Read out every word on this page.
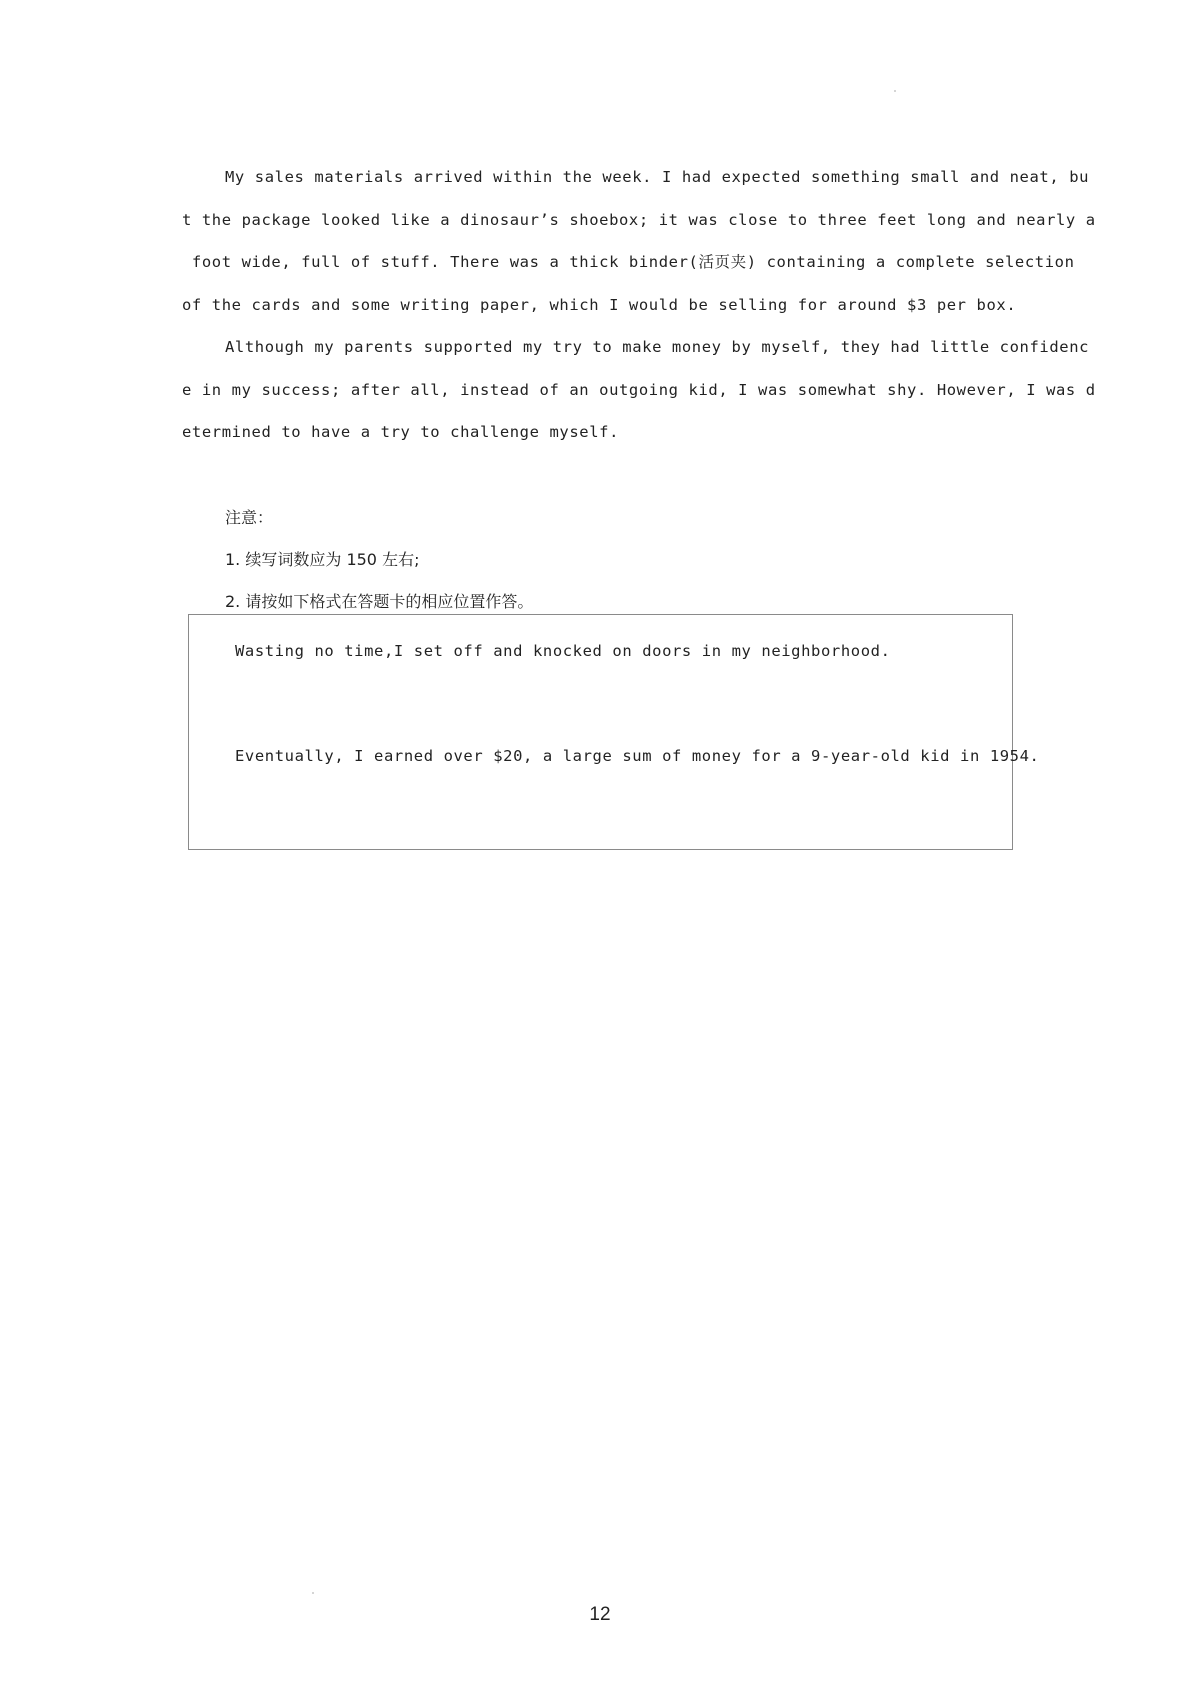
My sales materials arrived within the week. I had expected something small and neat, bu
t the package looked like a dinosaur’s shoebox; it was close to three feet long and nearly a
foot wide, full of stuff. There was a thick binder(活页夹) containing a complete selection
of the cards and some writing paper, which I would be selling for around $3 per box.
Although my parents supported my try to make money by myself, they had little confidenc
e in my success; after all, instead of an outgoing kid, I was somewhat shy. However, I was d
etermined to have a try to challenge myself.
注意：
1. 续写词数应为 150 左右;
2. 请按如下格式在答题卡的相应位置作答。
Wasting no time,I set off and knocked on doors in my neighborhood.
Eventually, I earned over $20, a large sum of money for a 9-year-old kid in 1954.
12
